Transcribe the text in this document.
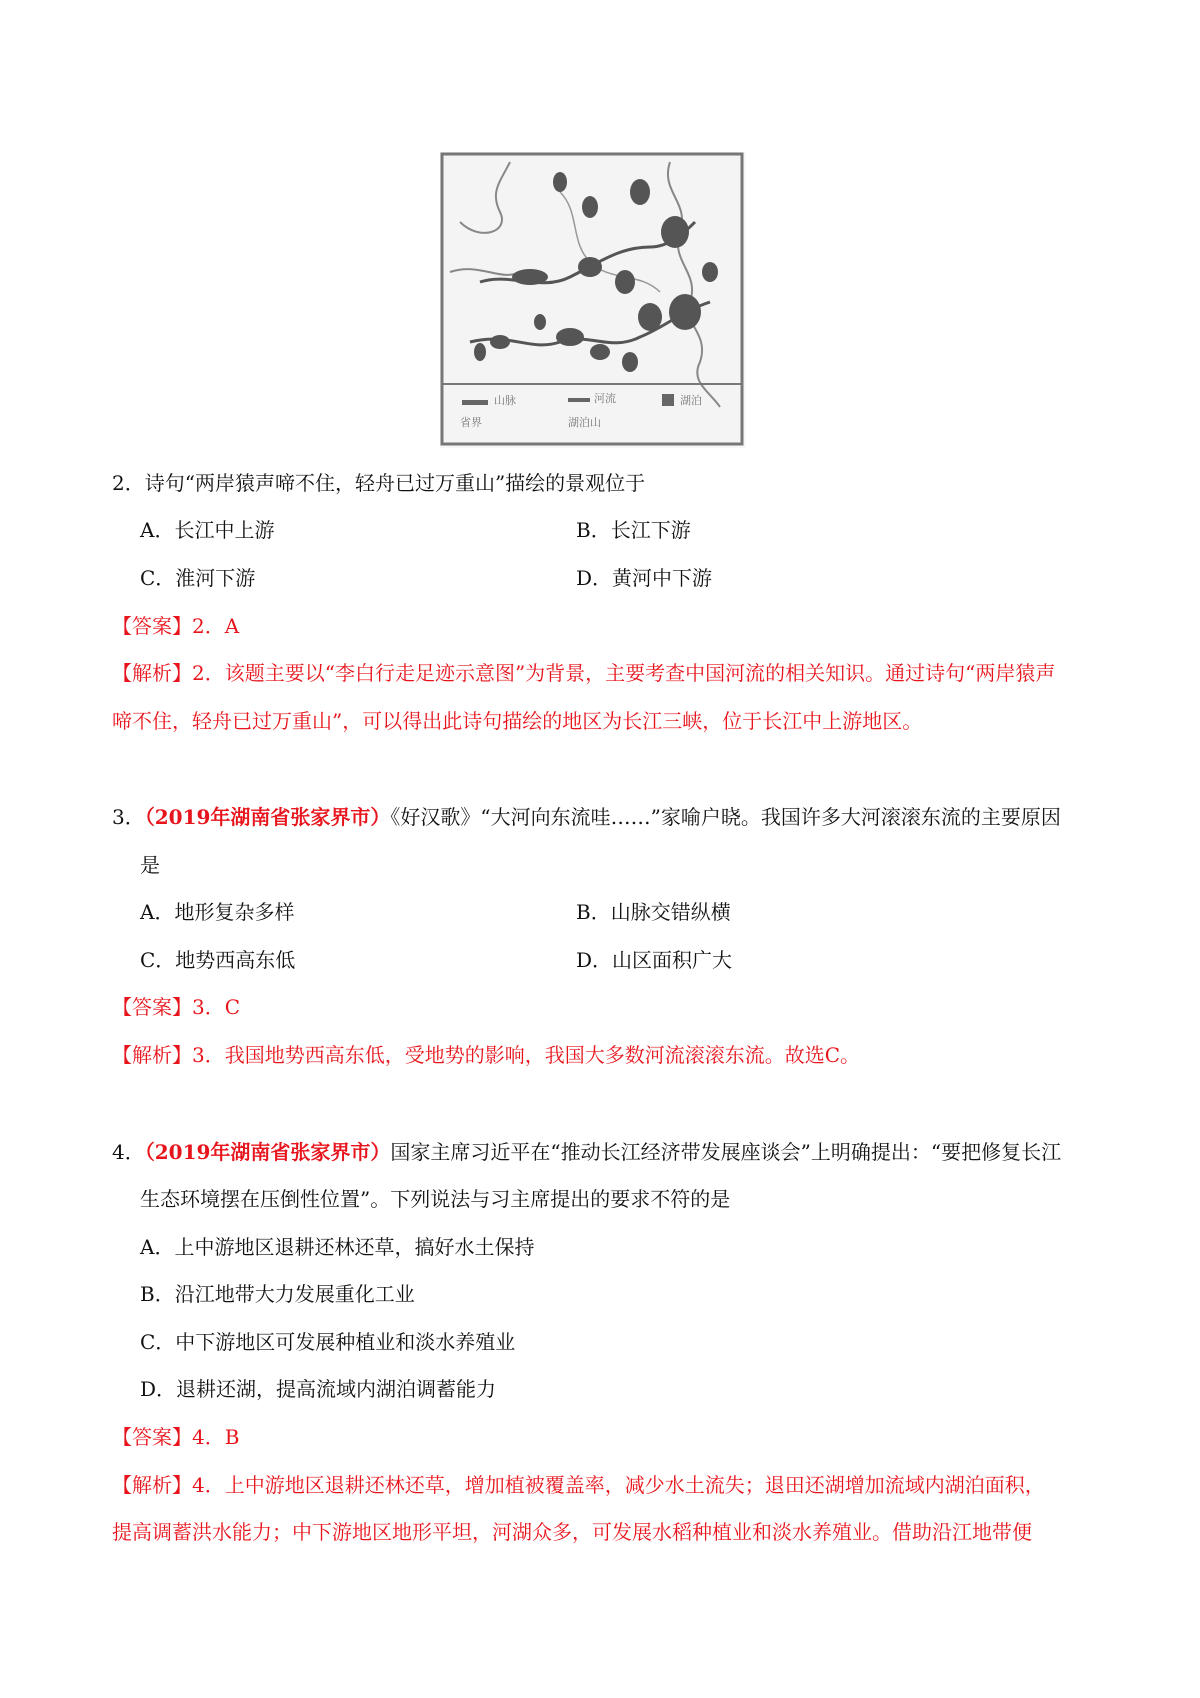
山脉	河流	湖泊
省界	湖泊山
2．诗句“两岸猿声啼不住，轻舟已过万重山”描绘的景观位于
A．长江中上游	B．长江下游
C．淮河下游	D．黄河中下游
【答案】2．A
【解析】2．该题主要以“李白行走足迹示意图”为背景，主要考查中国河流的相关知识。通过诗句“两岸猿声
啼不住，轻舟已过万重山”，可以得出此诗句描绘的地区为长江三峡，位于长江中上游地区。
3．（2019年湖南省张家界市）《好汉歌》“大河向东流哇……”家喻户晓。我国许多大河滚滚东流的主要原因
是
A．地形复杂多样	B．山脉交错纵横
C．地势西高东低	D．山区面积广大
【答案】3．C
【解析】3．我国地势西高东低，受地势的影响，我国大多数河流滚滚东流。故选C。
4．（2019年湖南省张家界市）国家主席习近平在“推动长江经济带发展座谈会”上明确提出：“要把修复长江
生态环境摆在压倒性位置”。下列说法与习主席提出的要求不符的是
A．上中游地区退耕还林还草，搞好水土保持
B．沿江地带大力发展重化工业
C．中下游地区可发展种植业和淡水养殖业
D．退耕还湖，提高流域内湖泊调蓄能力
【答案】4．B
【解析】4．上中游地区退耕还林还草，增加植被覆盖率，减少水土流失；退田还湖增加流域内湖泊面积，
提高调蓄洪水能力；中下游地区地形平坦，河湖众多，可发展水稻种植业和淡水养殖业。借助沿江地带便
